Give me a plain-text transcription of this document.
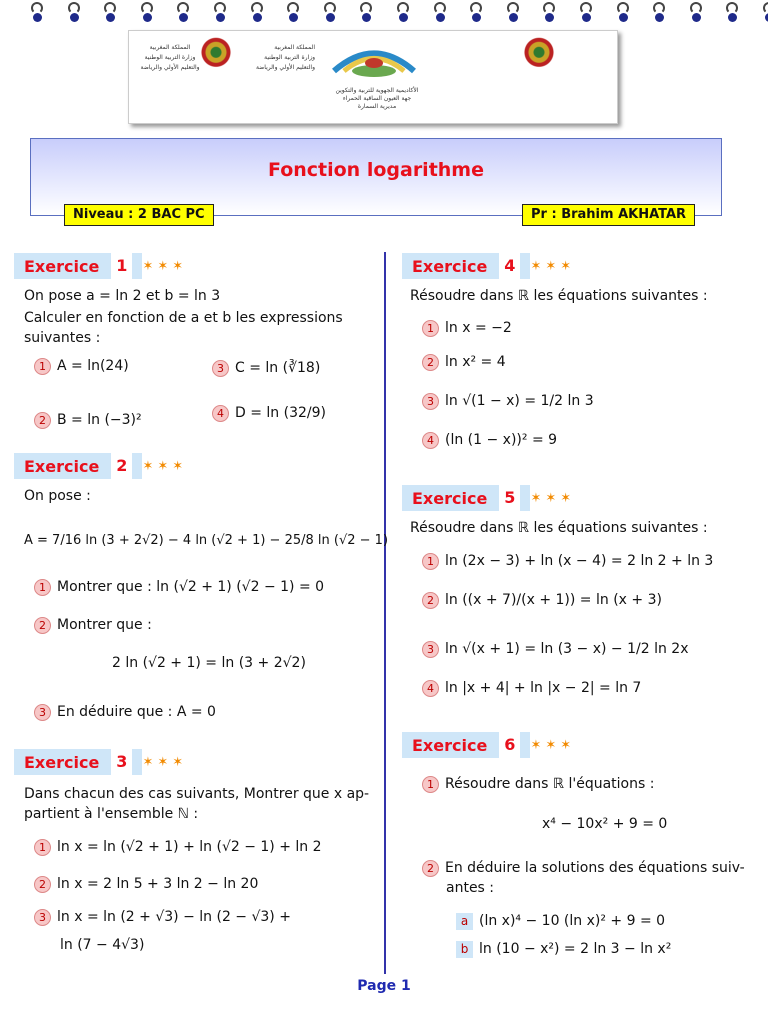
المملكة المغربية
وزارة التربية الوطنية
والتعليم الأولي والرياضة
المملكة المغربية
وزارة التربية الوطنية
والتعليم الأولي والرياضة
الأكاديمية الجهوية للتربية والتكوين
جهة العيون الساقية الحمراء
مديرية السمارة
Fonction logarithme
Niveau : 2 BAC PC	Pr : Brahim AKHATAR
Exercice	1	✶ ✶ ✶
On pose a = ln 2 et b = ln 3
Calculer en fonction de a et b les expressions
suivantes :
1 A = ln(24)	3 C = ln (∛18)
2 B = ln (−3)²	4 D = ln (32/9)
Exercice	2	✶ ✶ ✶
On pose :
A = 7/16 ln (3 + 2√2) − 4 ln (√2 + 1) − 25/8 ln (√2 − 1)
1 Montrer que : ln (√2 + 1) (√2 − 1) = 0
2 Montrer que :
2 ln (√2 + 1) = ln (3 + 2√2)
3 En déduire que : A = 0
Exercice	3	✶ ✶ ✶
Dans chacun des cas suivants, Montrer que x ap-
partient à l'ensemble ℕ :
1 ln x = ln (√2 + 1) + ln (√2 − 1) + ln 2
2 ln x = 2 ln 5 + 3 ln 2 − ln 20
3 ln x = ln (2 + √3) − ln (2 − √3) +
ln (7 − 4√3)
Exercice	4	✶ ✶ ✶
Résoudre dans ℝ les équations suivantes :
1 ln x = −2
2 ln x² = 4
3 ln √(1 − x) = 1/2 ln 3
4 (ln (1 − x))² = 9
Exercice	5	✶ ✶ ✶
Résoudre dans ℝ les équations suivantes :
1 ln (2x − 3) + ln (x − 4) = 2 ln 2 + ln 3
2 ln ((x + 7)/(x + 1)) = ln (x + 3)
3 ln √(x + 1) = ln (3 − x) − 1/2 ln 2x
4 ln |x + 4| + ln |x − 2| = ln 7
Exercice	6	✶ ✶ ✶
1 Résoudre dans ℝ l'équations :
x⁴ − 10x² + 9 = 0
2 En déduire la solutions des équations suiv-
antes :
a (ln x)⁴ − 10 (ln x)² + 9 = 0
b ln (10 − x²) = 2 ln 3 − ln x²
Page 1
